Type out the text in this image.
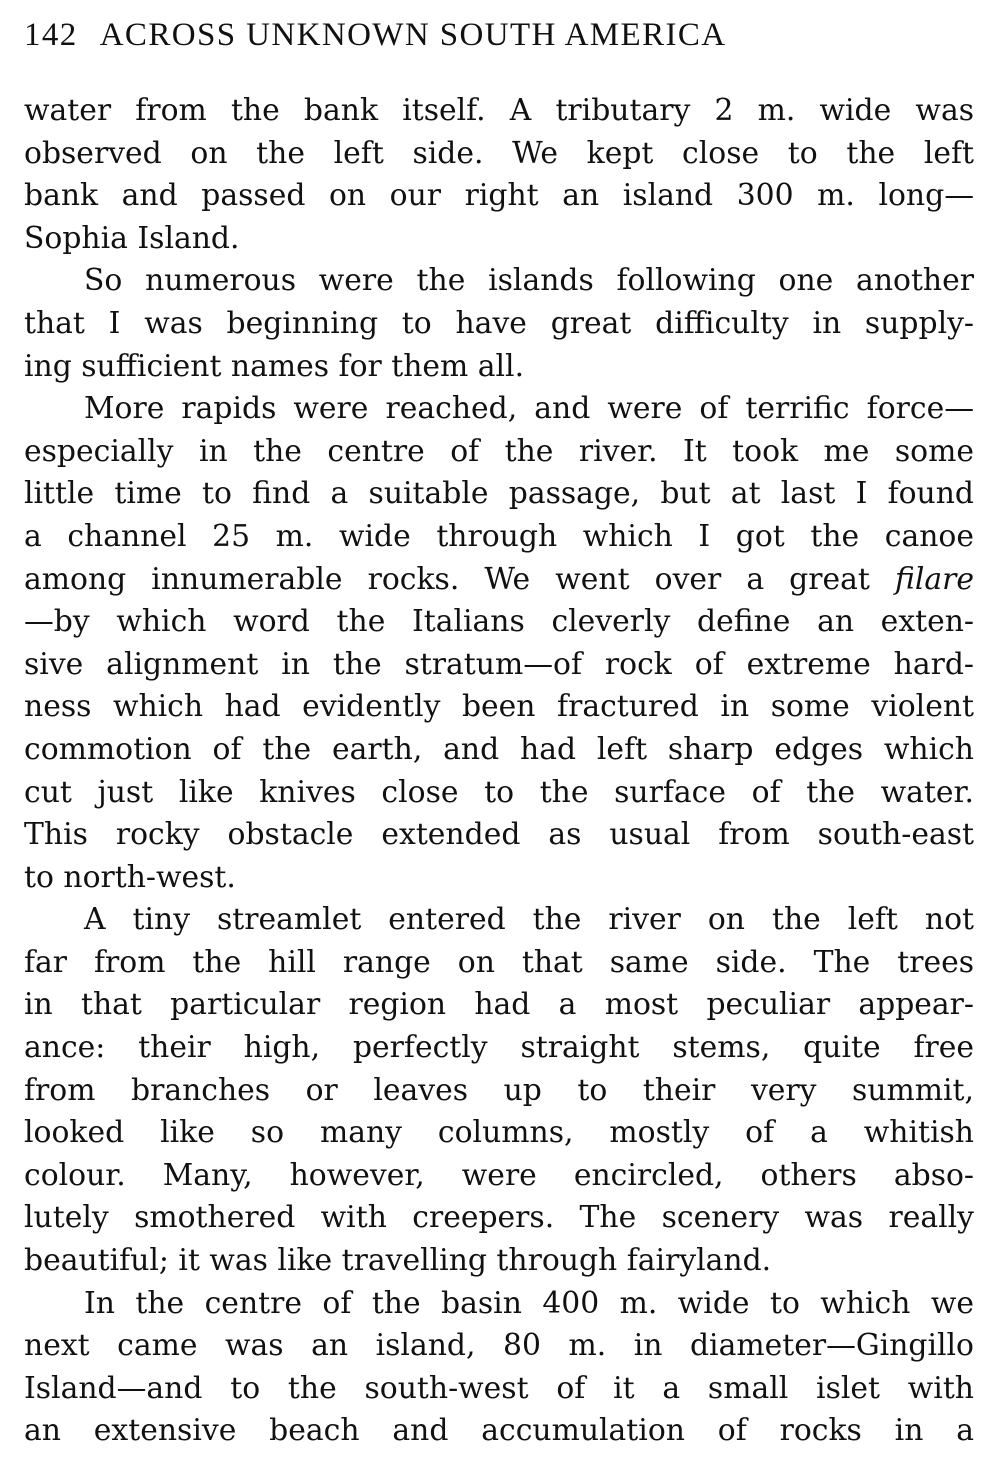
142 ACROSS UNKNOWN SOUTH AMERICA
water from the bank itself. A tributary 2 m. wide was
observed on the left side. We kept close to the left
bank and passed on our right an island 300 m. long—
Sophia Island.
So numerous were the islands following one another
that I was beginning to have great difficulty in supply-
ing sufficient names for them all.
More rapids were reached, and were of terrific force—
especially in the centre of the river. It took me some
little time to find a suitable passage, but at last I found
a channel 25 m. wide through which I got the canoe
among innumerable rocks. We went over a great filare
—by which word the Italians cleverly define an exten-
sive alignment in the stratum—of rock of extreme hard-
ness which had evidently been fractured in some violent
commotion of the earth, and had left sharp edges which
cut just like knives close to the surface of the water.
This rocky obstacle extended as usual from south-east
to north-west.
A tiny streamlet entered the river on the left not
far from the hill range on that same side. The trees
in that particular region had a most peculiar appear-
ance: their high, perfectly straight stems, quite free
from branches or leaves up to their very summit,
looked like so many columns, mostly of a whitish
colour. Many, however, were encircled, others abso-
lutely smothered with creepers. The scenery was really
beautiful; it was like travelling through fairyland.
In the centre of the basin 400 m. wide to which we
next came was an island, 80 m. in diameter—Gingillo
Island—and to the south-west of it a small islet with
an extensive beach and accumulation of rocks in a
